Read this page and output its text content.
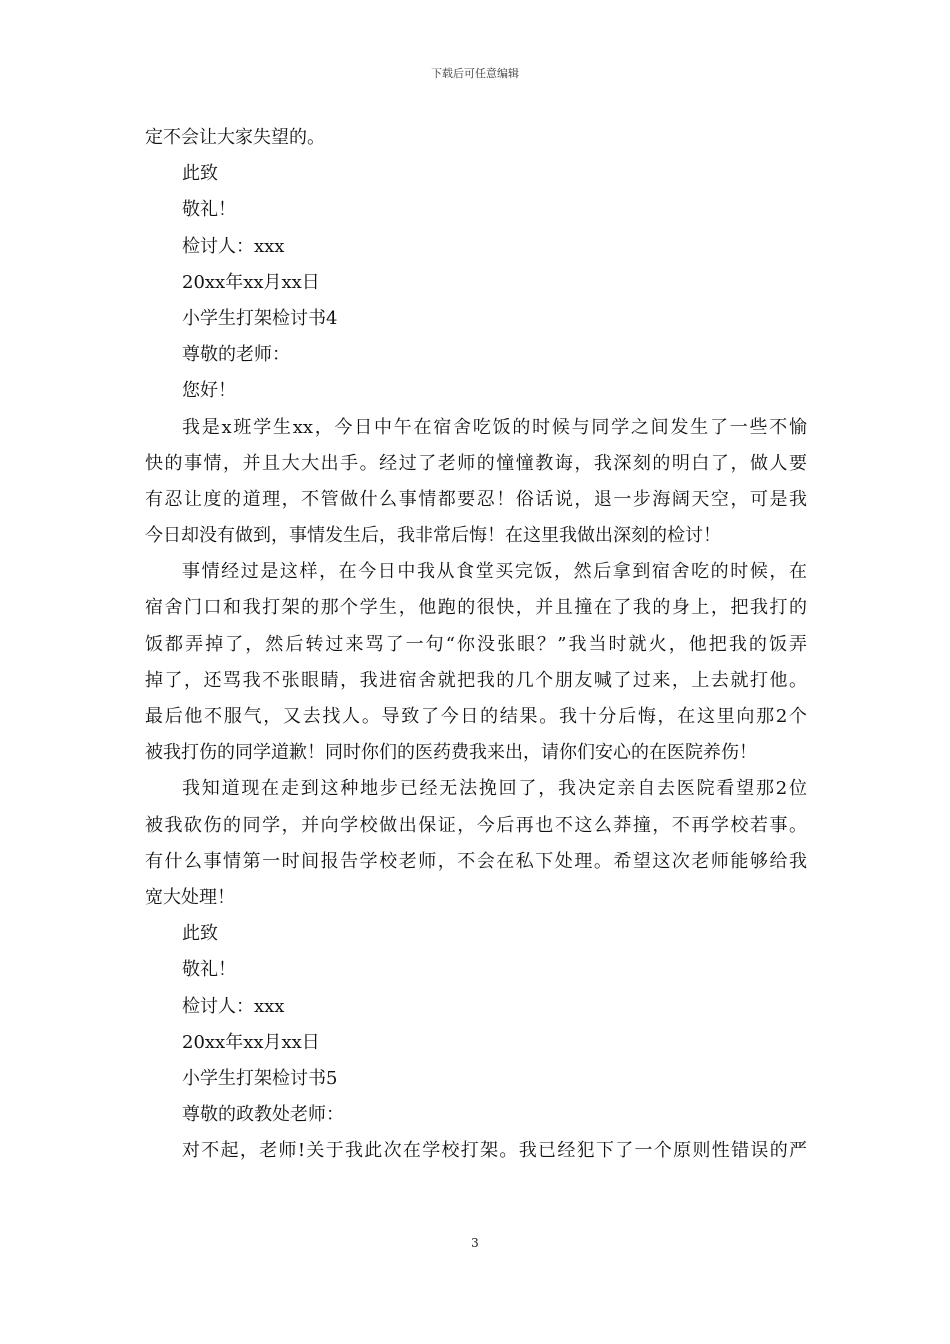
下载后可任意编辑
定不会让大家失望的。
此致
敬礼！
检讨人：xxx
20xx年xx月xx日
小学生打架检讨书4
尊敬的老师：
您好！
我是x班学生xx，今日中午在宿舍吃饭的时候与同学之间发生了一些不愉
快的事情，并且大大出手。经过了老师的憧憧教诲，我深刻的明白了，做人要
有忍让度的道理，不管做什么事情都要忍！俗话说，退一步海阔天空，可是我
今日却没有做到，事情发生后，我非常后悔！在这里我做出深刻的检讨！
事情经过是这样，在今日中我从食堂买完饭，然后拿到宿舍吃的时候，在
宿舍门口和我打架的那个学生，他跑的很快，并且撞在了我的身上，把我打的
饭都弄掉了，然后转过来骂了一句“你没张眼？”我当时就火，他把我的饭弄
掉了，还骂我不张眼睛，我进宿舍就把我的几个朋友喊了过来，上去就打他。
最后他不服气，又去找人。导致了今日的结果。我十分后悔，在这里向那2个
被我打伤的同学道歉！同时你们的医药费我来出，请你们安心的在医院养伤！
我知道现在走到这种地步已经无法挽回了，我决定亲自去医院看望那2位
被我砍伤的同学，并向学校做出保证，今后再也不这么莽撞，不再学校若事。
有什么事情第一时间报告学校老师，不会在私下处理。希望这次老师能够给我
宽大处理！
此致
敬礼！
检讨人：xxx
20xx年xx月xx日
小学生打架检讨书5
尊敬的政教处老师：
对不起，老师!关于我此次在学校打架。我已经犯下了一个原则性错误的严
3
